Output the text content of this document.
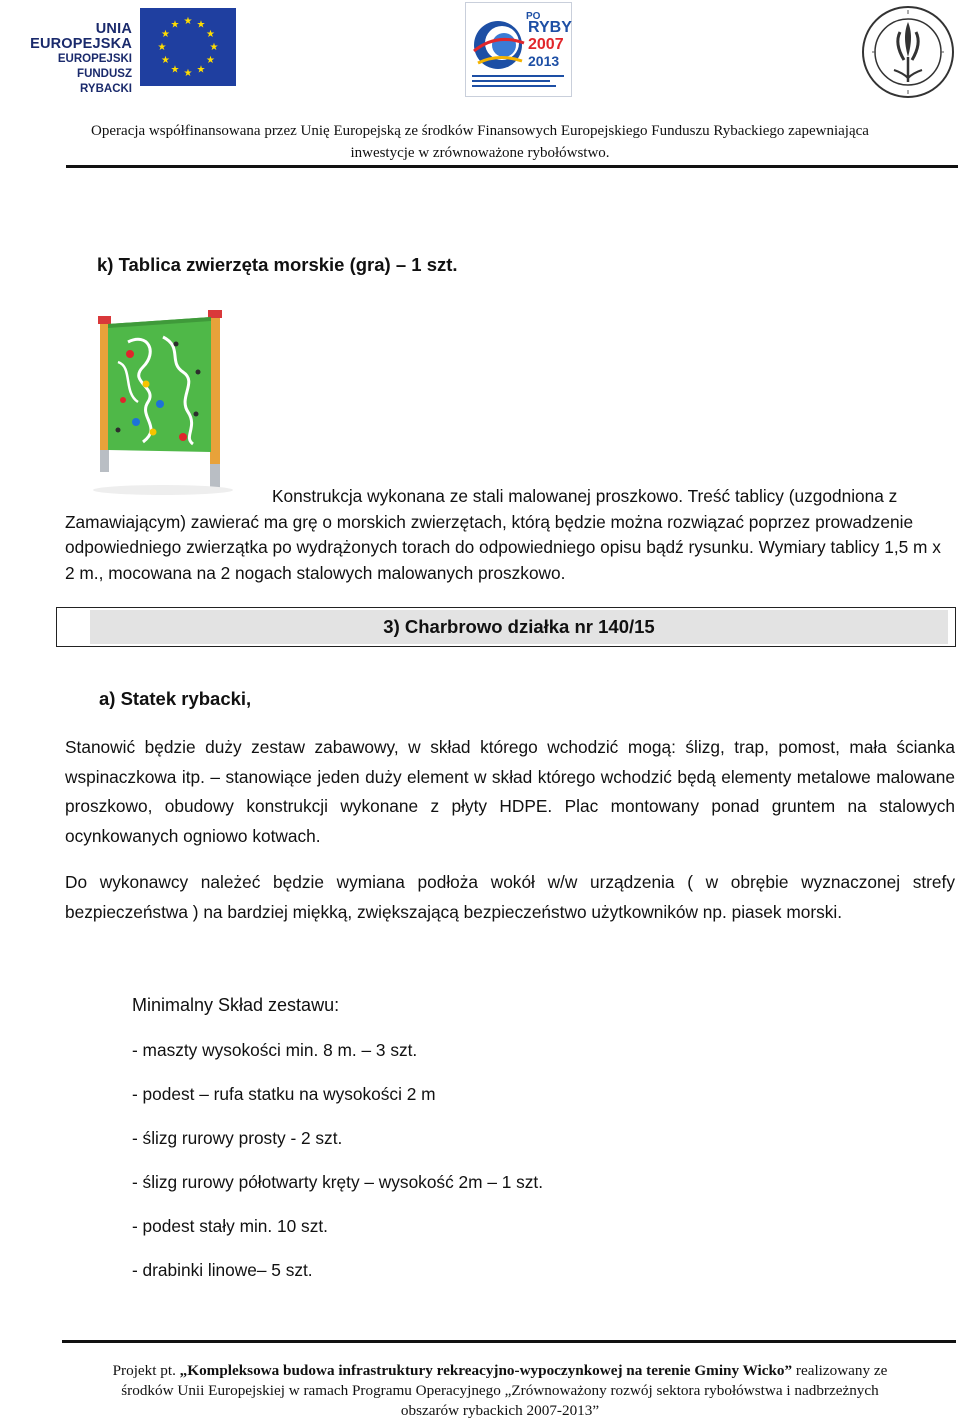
UNIA EUROPEJSKA
EUROPEJSKI
FUNDUSZ
RYBACKI
★ ★
★
★
★
★
★
★
★
★
★
★
PO
RYBY
2007
2013
Operacja współfinansowana przez Unię Europejską ze środków Finansowych Europejskiego Funduszu Rybackiego zapewniająca
inwestycje w zrównoważone rybołówstwo.
k) Tablica zwierzęta morskie (gra) – 1 szt.
Konstrukcja wykonana ze stali malowanej proszkowo. Treść tablicy (uzgodniona z Zamawiającym) zawierać ma grę o morskich zwierzętach, którą będzie można rozwiązać poprzez prowadzenie odpowiedniego zwierzątka po wydrążonych torach do odpowiedniego opisu bądź rysunku. Wymiary tablicy 1,5 m x 2 m., mocowana na 2 nogach stalowych malowanych proszkowo.
3) Charbrowo działka nr 140/15
a) Statek rybacki,
Stanowić będzie duży zestaw zabawowy, w skład którego wchodzić mogą: ślizg, trap, pomost, mała ścianka wspinaczkowa itp. – stanowiące jeden duży element w skład którego wchodzić będą elementy metalowe malowane proszkowo, obudowy konstrukcji wykonane z płyty HDPE. Plac montowany ponad gruntem na stalowych ocynkowanych ogniowo kotwach.
Do wykonawcy należeć będzie wymiana podłoża wokół w/w urządzenia ( w obrębie wyznaczonej strefy bezpieczeństwa ) na bardziej miękką, zwiększającą bezpieczeństwo użytkowników np. piasek morski.
Minimalny Skład zestawu:
- maszty wysokości min. 8 m. – 3 szt.
- podest – rufa statku na wysokości 2 m
- ślizg rurowy prosty - 2 szt.
- ślizg rurowy półotwarty kręty – wysokość 2m – 1 szt.
- podest stały min. 10 szt.
- drabinki linowe– 5 szt.
Projekt pt. „Kompleksowa budowa infrastruktury rekreacyjno-wypoczynkowej na terenie Gminy Wicko” realizowany ze
środków Unii Europejskiej w ramach Programu Operacyjnego „Zrównoważony rozwój sektora rybołówstwa i nadbrzeżnych
obszarów rybackich 2007-2013”
